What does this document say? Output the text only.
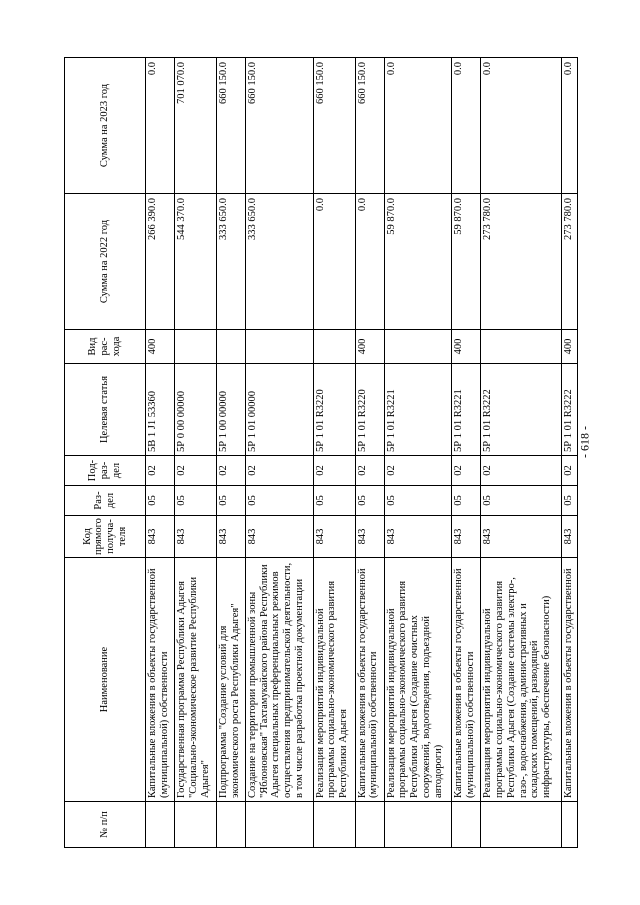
- 618 -
№ п/п	Наименование	Код прямого получа-теля	Раз-дел	Под-раз-дел	Целевая статья	Вид рас-хода	Сумма на 2022 год	Сумма на 2023 год
	Капитальные вложения в объекты государственной (муниципальной) собственности	843	05	02	5В 1 J1 53360	400	266 390.0	0.0
	Государственная программа Республики Адыгея "Социально-экономическое развитие Республики Адыгея"	843	05	02	5Р 0 00 00000		544 370.0	701 070.0
	Подпрограмма "Создание условий для экономического роста Республики Адыгея"	843	05	02	5Р 1 00 00000		333 650.0	660 150.0
	Создание на территории промышленной зоны "Яблоновская" Тахтамукайского района Республики Адыгея специальных преференциальных режимов осуществления предпринимательской деятельности, в том числе разработка проектной документации	843	05	02	5Р 1 01 00000		333 650.0	660 150.0
	Реализация мероприятий индивидуальной программы социально-экономического развития Республики Адыгея	843	05	02	5Р 1 01 R3220		0.0	660 150.0
	Капитальные вложения в объекты государственной (муниципальной) собственности	843	05	02	5Р 1 01 R3220	400	0.0	660 150.0
	Реализация мероприятий индивидуальной программы социально-экономического развития Республики Адыгея (Создание очистных сооружений, водоотведения, подъездной автодороги)	843	05	02	5Р 1 01 R3221		59 870.0	0.0
	Капитальные вложения в объекты государственной (муниципальной) собственности	843	05	02	5Р 1 01 R3221	400	59 870.0	0.0
	Реализация мероприятий индивидуальной программы социально-экономического развития Республики Адыгея (Создание системы электро-, газо-, водоснабжения, административных и складских помещений, разводящей инфраструктуры, обеспечение безопасности)	843	05	02	5Р 1 01 R3222		273 780.0	0.0
	Капитальные вложения в объекты государственной	843	05	02	5Р 1 01 R3222	400	273 780.0	0.0
